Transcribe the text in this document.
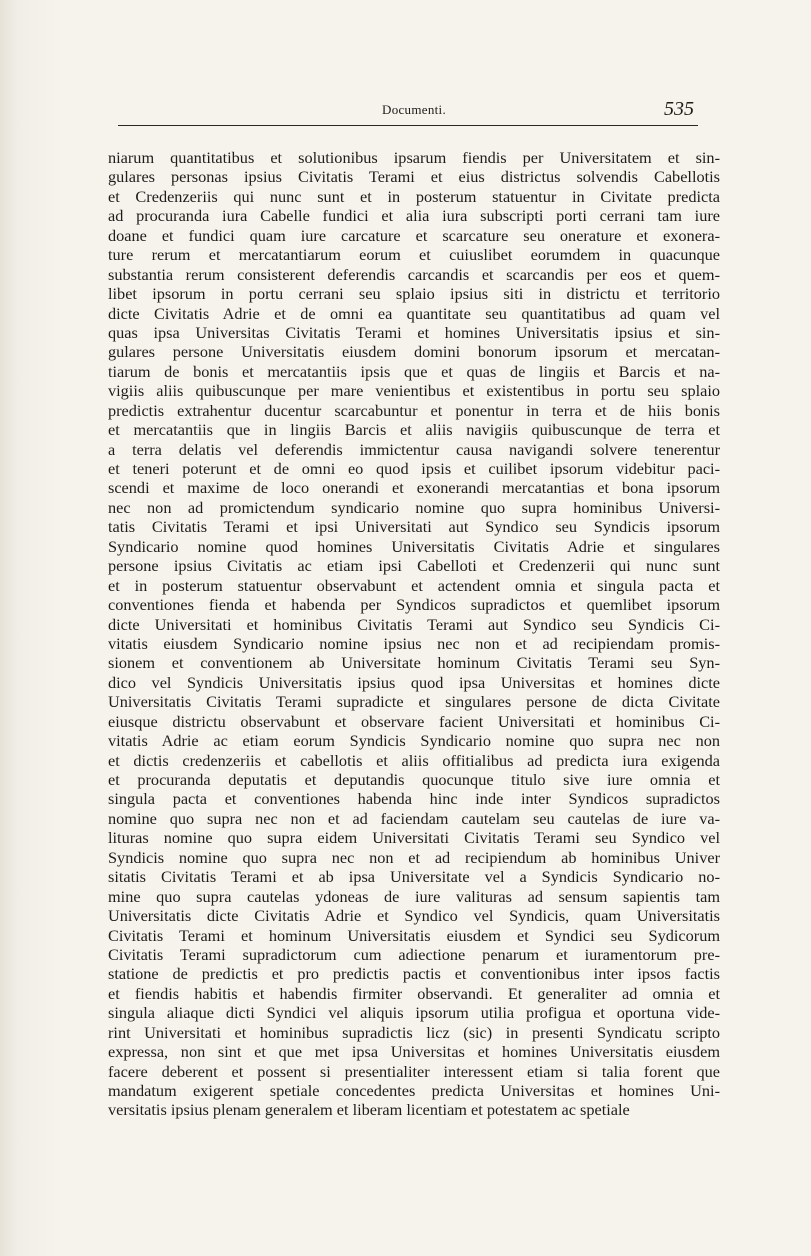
Documenti.	535
niarum quantitatibus et solutionibus ipsarum fiendis per Universitatem et sin-
gulares personas ipsius Civitatis Terami et eius districtus solvendis Cabellotis
et Credenzeriis qui nunc sunt et in posterum statuentur in Civitate predicta
ad procuranda iura Cabelle fundici et alia iura subscripti porti cerrani tam iure
doane et fundici quam iure carcature et scarcature seu onerature et exonera-
ture rerum et mercatantiarum eorum et cuiuslibet eorumdem in quacunque
substantia rerum consisterent deferendis carcandis et scarcandis per eos et quem-
libet ipsorum in portu cerrani seu splaio ipsius siti in districtu et territorio
dicte Civitatis Adrie et de omni ea quantitate seu quantitatibus ad quam vel
quas ipsa Universitas Civitatis Terami et homines Universitatis ipsius et sin-
gulares persone Universitatis eiusdem domini bonorum ipsorum et mercatan-
tiarum de bonis et mercatantiis ipsis que et quas de lingiis et Barcis et na-
vigiis aliis quibuscunque per mare venientibus et existentibus in portu seu splaio
predictis extrahentur ducentur scarcabuntur et ponentur in terra et de hiis bonis
et mercatantiis que in lingiis Barcis et aliis navigiis quibuscunque de terra et
a terra delatis vel deferendis immictentur causa navigandi solvere tenerentur
et teneri poterunt et de omni eo quod ipsis et cuilibet ipsorum videbitur paci-
scendi et maxime de loco onerandi et exonerandi mercatantias et bona ipsorum
nec non ad promictendum syndicario nomine quo supra hominibus Universi-
tatis Civitatis Terami et ipsi Universitati aut Syndico seu Syndicis ipsorum
Syndicario nomine quod homines Universitatis Civitatis Adrie et singulares
persone ipsius Civitatis ac etiam ipsi Cabelloti et Credenzerii qui nunc sunt
et in posterum statuentur observabunt et actendent omnia et singula pacta et
conventiones fienda et habenda per Syndicos supradictos et quemlibet ipsorum
dicte Universitati et hominibus Civitatis Terami aut Syndico seu Syndicis Ci-
vitatis eiusdem Syndicario nomine ipsius nec non et ad recipiendam promis-
sionem et conventionem ab Universitate hominum Civitatis Terami seu Syn-
dico vel Syndicis Universitatis ipsius quod ipsa Universitas et homines dicte
Universitatis Civitatis Terami supradicte et singulares persone de dicta Civitate
eiusque districtu observabunt et observare facient Universitati et hominibus Ci-
vitatis Adrie ac etiam eorum Syndicis Syndicario nomine quo supra nec non
et dictis credenzeriis et cabellotis et aliis offitialibus ad predicta iura exigenda
et procuranda deputatis et deputandis quocunque titulo sive iure omnia et
singula pacta et conventiones habenda hinc inde inter Syndicos supradictos
nomine quo supra nec non et ad faciendam cautelam seu cautelas de iure va-
lituras nomine quo supra eidem Universitati Civitatis Terami seu Syndico vel
Syndicis nomine quo supra nec non et ad recipiendum ab hominibus Univer
sitatis Civitatis Terami et ab ipsa Universitate vel a Syndicis Syndicario no-
mine quo supra cautelas ydoneas de iure valituras ad sensum sapientis tam
Universitatis dicte Civitatis Adrie et Syndico vel Syndicis, quam Universitatis
Civitatis Terami et hominum Universitatis eiusdem et Syndici seu Sydicorum
Civitatis Terami supradictorum cum adiectione penarum et iuramentorum pre-
statione de predictis et pro predictis pactis et conventionibus inter ipsos factis
et fiendis habitis et habendis firmiter observandi. Et generaliter ad omnia et
singula aliaque dicti Syndici vel aliquis ipsorum utilia profigua et oportuna vide-
rint Universitati et hominibus supradictis licz (sic) in presenti Syndicatu scripto
expressa, non sint et que met ipsa Universitas et homines Universitatis eiusdem
facere deberent et possent si presentialiter interessent etiam si talia forent que
mandatum exigerent spetiale concedentes predicta Universitas et homines Uni-
versitatis ipsius plenam generalem et liberam licentiam et potestatem ac spetiale
